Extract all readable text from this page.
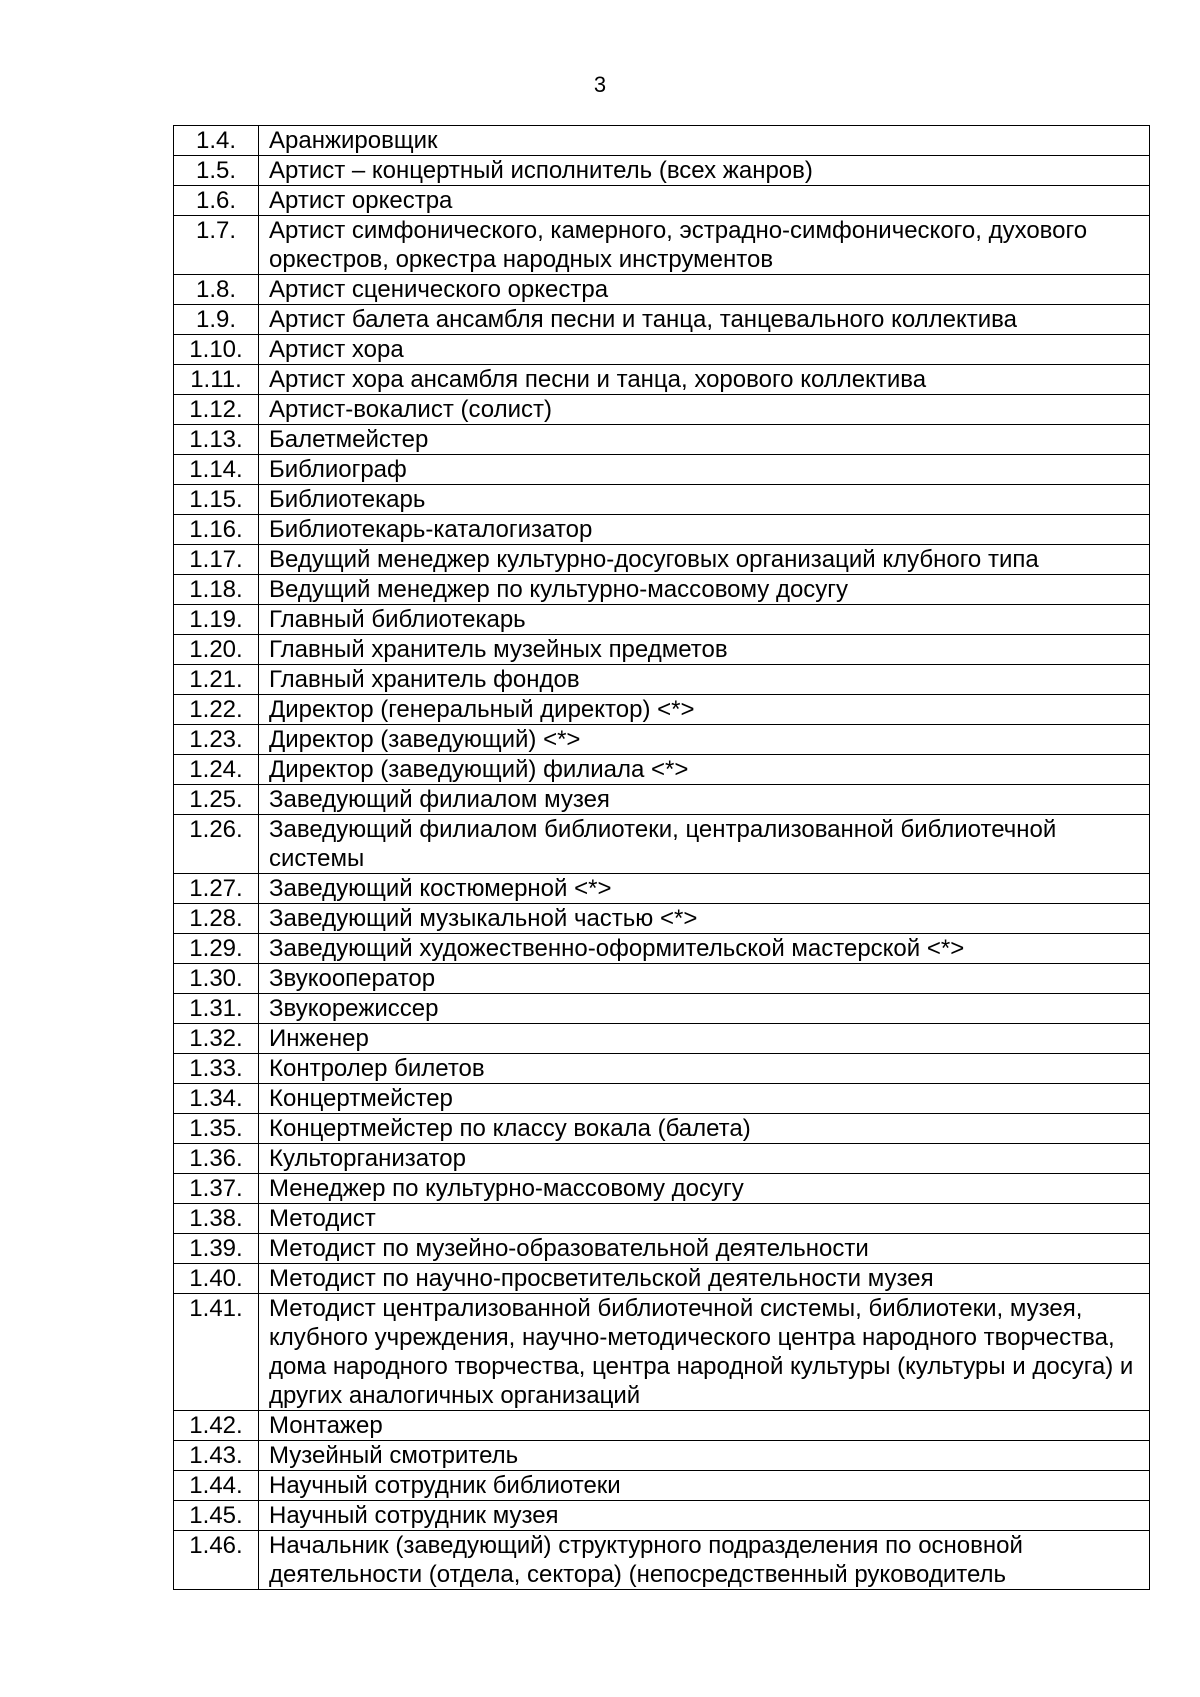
3
1.4.	Аранжировщик
1.5.	Артист – концертный исполнитель (всех жанров)
1.6.	Артист оркестра
1.7.	Артист симфонического, камерного, эстрадно-симфонического, духового оркестров, оркестра народных инструментов
1.8.	Артист сценического оркестра
1.9.	Артист балета ансамбля песни и танца, танцевального коллектива
1.10.	Артист хора
1.11.	Артист хора ансамбля песни и танца, хорового коллектива
1.12.	Артист-вокалист (солист)
1.13.	Балетмейстер
1.14.	Библиограф
1.15.	Библиотекарь
1.16.	Библиотекарь-каталогизатор
1.17.	Ведущий менеджер культурно-досуговых организаций клубного типа
1.18.	Ведущий менеджер по культурно-массовому досугу
1.19.	Главный библиотекарь
1.20.	Главный хранитель музейных предметов
1.21.	Главный хранитель фондов
1.22.	Директор (генеральный директор) <*>
1.23.	Директор (заведующий) <*>
1.24.	Директор (заведующий) филиала <*>
1.25.	Заведующий филиалом музея
1.26.	Заведующий филиалом библиотеки, централизованной библиотечной системы
1.27.	Заведующий костюмерной <*>
1.28.	Заведующий музыкальной частью <*>
1.29.	Заведующий художественно-оформительской мастерской <*>
1.30.	Звукооператор
1.31.	Звукорежиссер
1.32.	Инженер
1.33.	Контролер билетов
1.34.	Концертмейстер
1.35.	Концертмейстер по классу вокала (балета)
1.36.	Культорганизатор
1.37.	Менеджер по культурно-массовому досугу
1.38.	Методист
1.39.	Методист по музейно-образовательной деятельности
1.40.	Методист по научно-просветительской деятельности музея
1.41.	Методист централизованной библиотечной системы, библиотеки, музея, клубного учреждения, научно-методического центра народного творчества, дома народного творчества, центра народной культуры (культуры и досуга) и других аналогичных организаций
1.42.	Монтажер
1.43.	Музейный смотритель
1.44.	Научный сотрудник библиотеки
1.45.	Научный сотрудник музея
1.46.	Начальник (заведующий) структурного подразделения по основной деятельности (отдела, сектора) (непосредственный руководитель
